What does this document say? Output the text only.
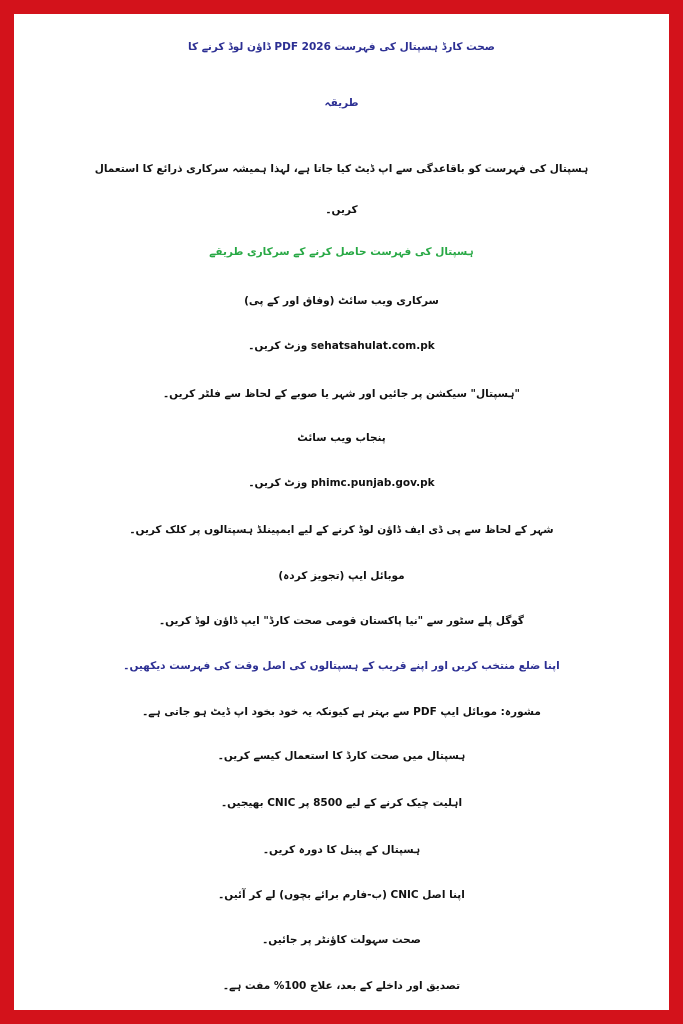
صحت کارڈ ہسپتال کی فہرست 2026 PDF ڈاؤن لوڈ کرنے کا
طریقہ
ہسپتال کی فہرست کو باقاعدگی سے اپ ڈیٹ کیا جاتا ہے، لہذا ہمیشہ سرکاری ذرائع کا استعمال
کریں۔
ہسپتال کی فہرست حاصل کرنے کے سرکاری طریقے
سرکاری ویب سائٹ (وفاق اور کے پی)
sehatsahulat.com.pk وزٹ کریں۔
"ہسپتال" سیکشن پر جائیں اور شہر یا صوبے کے لحاظ سے فلٹر کریں۔
پنجاب ویب سائٹ
phimc.punjab.gov.pk وزٹ کریں۔
شہر کے لحاظ سے پی ڈی ایف ڈاؤن لوڈ کرنے کے لیے ایمپینلڈ ہسپتالوں پر کلک کریں۔
موبائل ایپ (تجویز کردہ)
گوگل پلے سٹور سے "نیا پاکستان قومی صحت کارڈ" ایپ ڈاؤن لوڈ کریں۔
اپنا ضلع منتخب کریں اور اپنے قریب کے ہسپتالوں کی اصل وقت کی فہرست دیکھیں۔
مشورہ: موبائل ایپ PDF سے بہتر ہے کیونکہ یہ خود بخود اپ ڈیٹ ہو جاتی ہے۔
ہسپتال میں صحت کارڈ کا استعمال کیسے کریں۔
اہلیت چیک کرنے کے لیے 8500 پر CNIC بھیجیں۔
ہسپتال کے پینل کا دورہ کریں۔
اپنا اصل CNIC (ب-فارم برائے بچوں) لے کر آئیں۔
صحت سہولت کاؤنٹر پر جائیں۔
تصدیق اور داخلے کے بعد، علاج 100% مفت ہے۔
